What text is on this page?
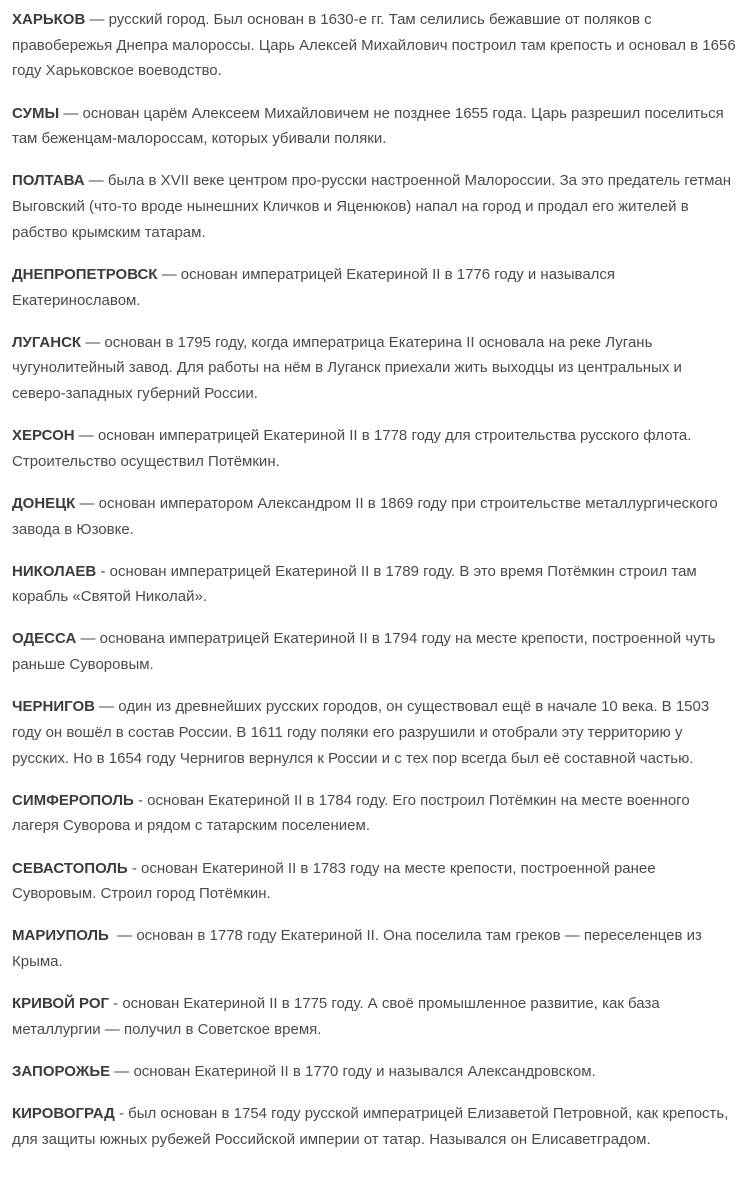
ХАРЬКОВ — русский город. Был основан в 1630-е гг. Там селились бежавшие от поляков с правобережья Днепра малороссы. Царь Алексей Михайлович построил там крепость и основал в 1656 году Харьковское воеводство.

СУМЫ — основан царём Алексеем Михайловичем не позднее 1655 года. Царь разрешил поселиться там беженцам-малороссам, которых убивали поляки.

ПОЛТАВА — была в XVII веке центром про-русски настроенной Малороссии. За это предатель гетман Выговский (что-то вроде нынешних Кличков и Яценюков) напал на город и продал его жителей в рабство крымским татарам.

ДНЕПРОПЕТРОВСК — основан императрицей Екатериной II в 1776 году и назывался Екатеринославом.

ЛУГАНСК — основан в 1795 году, когда императрица Екатерина II основала на реке Лугань чугунолитейный завод. Для работы на нём в Луганск приехали жить выходцы из центральных и северо-западных губерний России.

ХЕРСОН — основан императрицей Екатериной II в 1778 году для строительства русского флота. Строительство осуществил Потёмкин.

ДОНЕЦК — основан императором Александром II в 1869 году при строительстве металлургического завода в Юзовке.

НИКОЛАЕВ - основан императрицей Екатериной II в 1789 году. В это время Потёмкин строил там корабль «Святой Николай».

ОДЕССА — основана императрицей Екатериной II в 1794 году на месте крепости, построенной чуть раньше Суворовым.

ЧЕРНИГОВ — один из древнейших русских городов, он существовал ещё в начале 10 века. В 1503 году он вошёл в состав России. В 1611 году поляки его разрушили и отобрали эту территорию у русских. Но в 1654 году Чернигов вернулся к России и с тех пор всегда был её составной частью.

СИМФЕРОПОЛЬ - основан Екатериной II в 1784 году. Его построил Потёмкин на месте военного лагеря Суворова и рядом с татарским поселением.

СЕВАСТОПОЛЬ - основан Екатериной II в 1783 году на месте крепости, построенной ранее Суворовым. Строил город Потёмкин.

МАРИУПОЛЬ  — основан в 1778 году Екатериной II. Она поселила там греков — переселенцев из Крыма.

КРИВОЙ РОГ - основан Екатериной II в 1775 году. А своё промышленное развитие, как база металлургии — получил в Советское время.

ЗАПОРОЖЬЕ — основан Екатериной II в 1770 году и назывался Александровском.

КИРОВОГРАД - был основан в 1754 году русской императрицей Елизаветой Петровной, как крепость, для защиты южных рубежей Российской империи от татар. Назывался он Елисаветградом.
